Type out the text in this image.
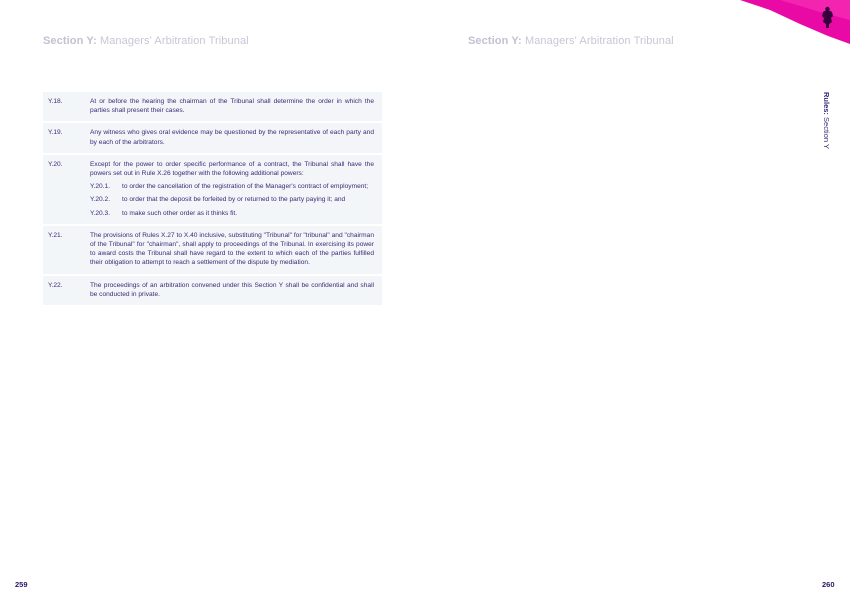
Section Y: Managers' Arbitration Tribunal	Section Y: Managers' Arbitration Tribunal
Y.18.	At or before the hearing the chairman of the Tribunal shall determine the order in which the parties shall present their cases.
Y.19.	Any witness who gives oral evidence may be questioned by the representative of each party and by each of the arbitrators.
Y.20.	Except for the power to order specific performance of a contract, the Tribunal shall have the powers set out in Rule X.26 together with the following additional powers:
Y.20.1.	to order the cancellation of the registration of the Manager's contract of employment;
Y.20.2.	to order that the deposit be forfeited by or returned to the party paying it; and
Y.20.3.	to make such other order as it thinks fit.
Y.21.	The provisions of Rules X.27 to X.40 inclusive, substituting "Tribunal" for "tribunal" and "chairman of the Tribunal" for "chairman", shall apply to proceedings of the Tribunal. In exercising its power to award costs the Tribunal shall have regard to the extent to which each of the parties fulfilled their obligation to attempt to reach a settlement of the dispute by mediation.
Y.22.	The proceedings of an arbitration convened under this Section Y shall be confidential and shall be conducted in private.
Rules: Section Y
259	260
